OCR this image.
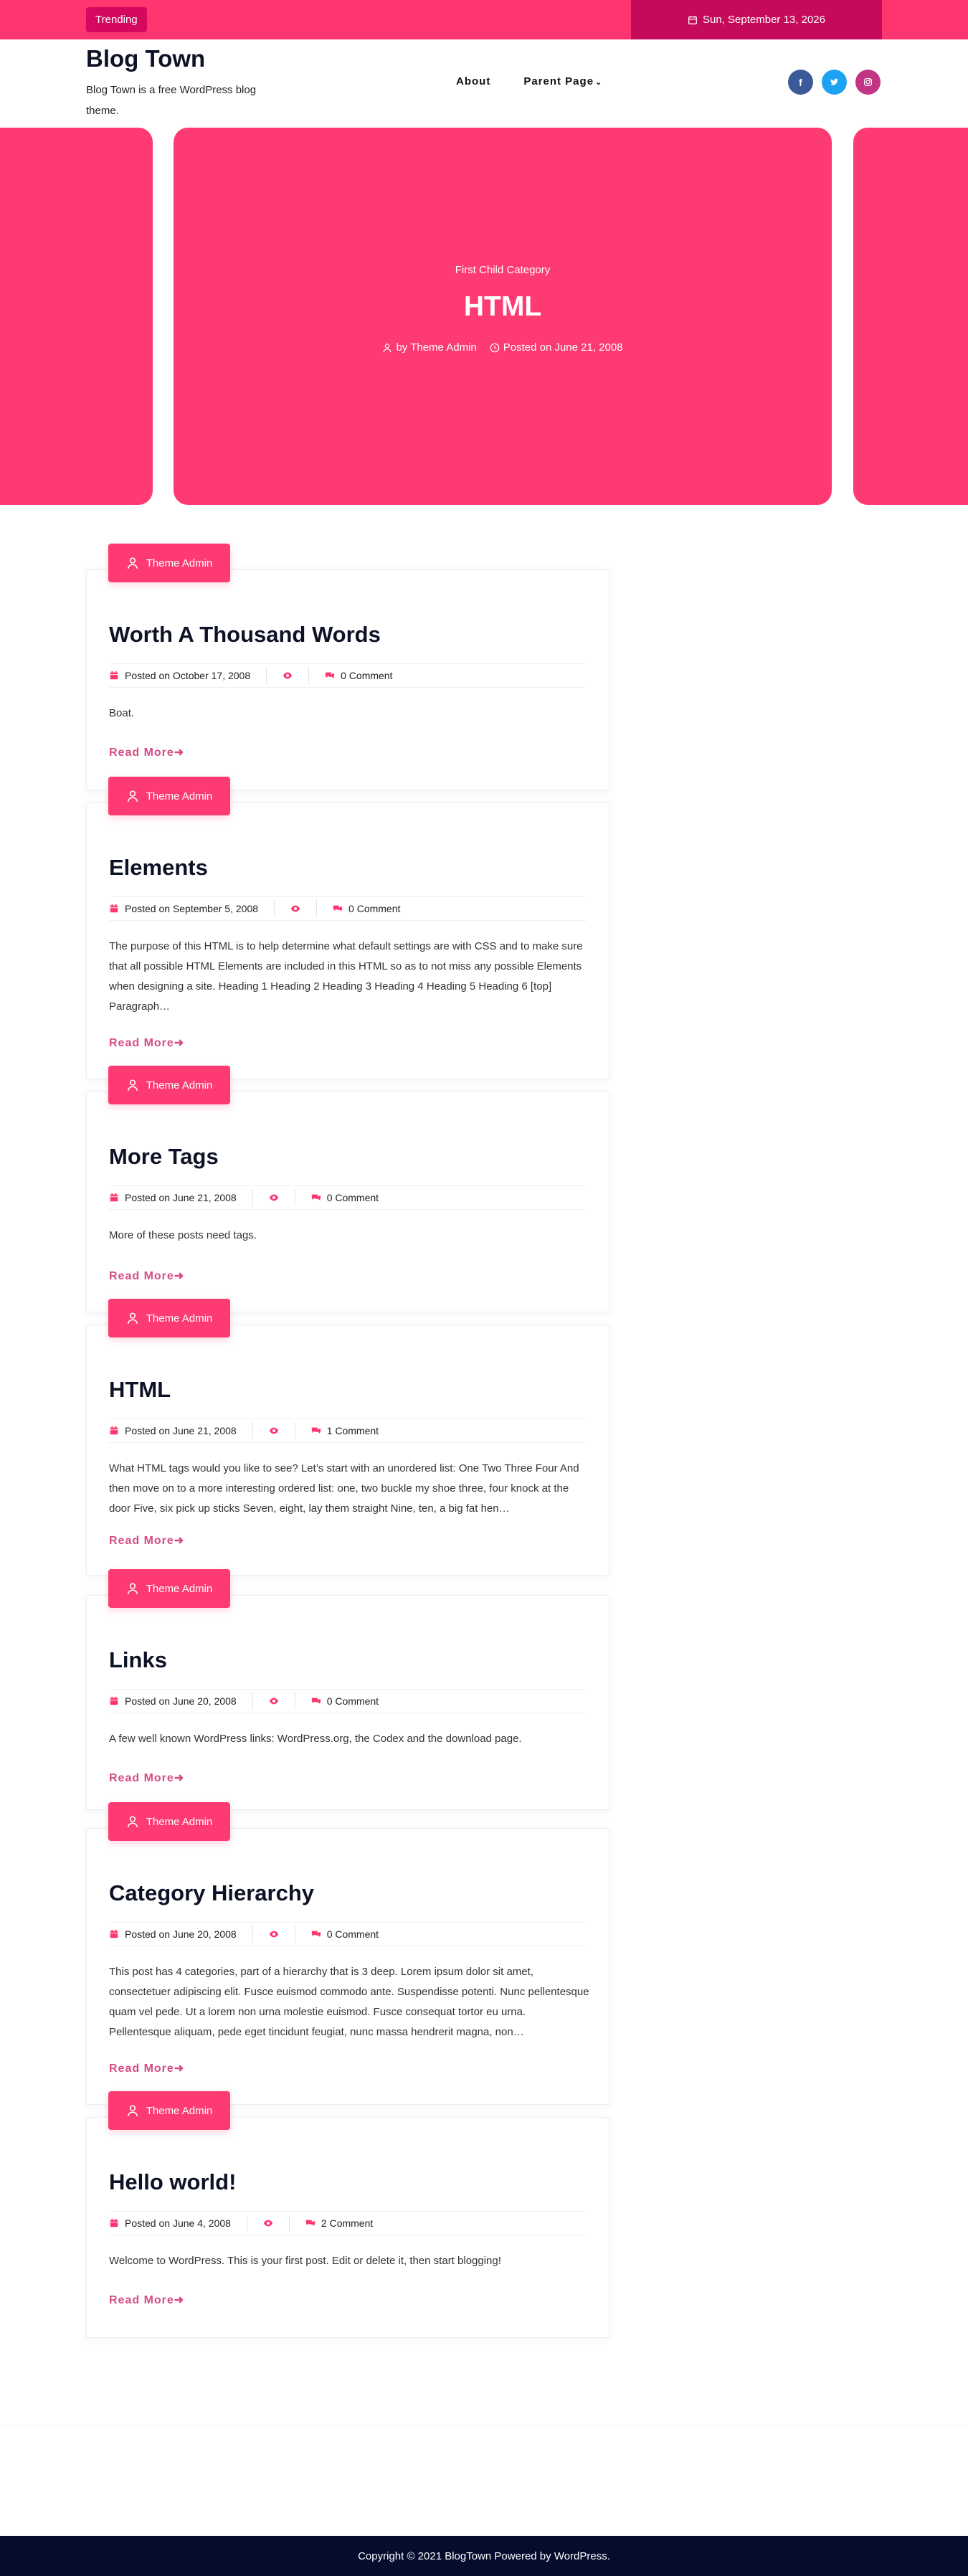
Trending	Sun, September 13, 2026
Blog Town
Blog Town is a free WordPress blog theme.
About	Parent Page ⌄	f
First Child Category
HTML
by Theme Admin Posted on June 21, 2008
Theme Admin
Worth A Thousand Words
Posted on October 17, 2008	0 Comment

Boat.

Read More➜
Theme Admin
Elements
Posted on September 5, 2008	0 Comment

The purpose of this HTML is to help determine what default settings are with CSS and to make sure that all possible HTML Elements are included in this HTML so as to not miss any possible Elements when designing a site. Heading 1 Heading 2 Heading 3 Heading 4 Heading 5 Heading 6 [top] Paragraph…

Read More➜
Theme Admin
More Tags
Posted on June 21, 2008	0 Comment

More of these posts need tags.

Read More➜
Theme Admin
HTML
Posted on June 21, 2008	1 Comment

What HTML tags would you like to see? Let’s start with an unordered list: One Two Three Four And then move on to a more interesting ordered list: one, two buckle my shoe three, four knock at the door Five, six pick up sticks Seven, eight, lay them straight Nine, ten, a big fat hen…

Read More➜
Theme Admin
Links
Posted on June 20, 2008	0 Comment

A few well known WordPress links: WordPress.org, the Codex and the download page.

Read More➜
Theme Admin
Category Hierarchy
Posted on June 20, 2008	0 Comment

This post has 4 categories, part of a hierarchy that is 3 deep. Lorem ipsum dolor sit amet, consectetuer adipiscing elit. Fusce euismod commodo ante. Suspendisse potenti. Nunc pellentesque quam vel pede. Ut a lorem non urna molestie euismod. Fusce consequat tortor eu urna. Pellentesque aliquam, pede eget tincidunt feugiat, nunc massa hendrerit magna, non…

Read More➜
Theme Admin
Hello world!
Posted on June 4, 2008	2 Comment

Welcome to WordPress. This is your first post. Edit or delete it, then start blogging!

Read More➜
Copyright © 2021 BlogTown Powered by WordPress.
